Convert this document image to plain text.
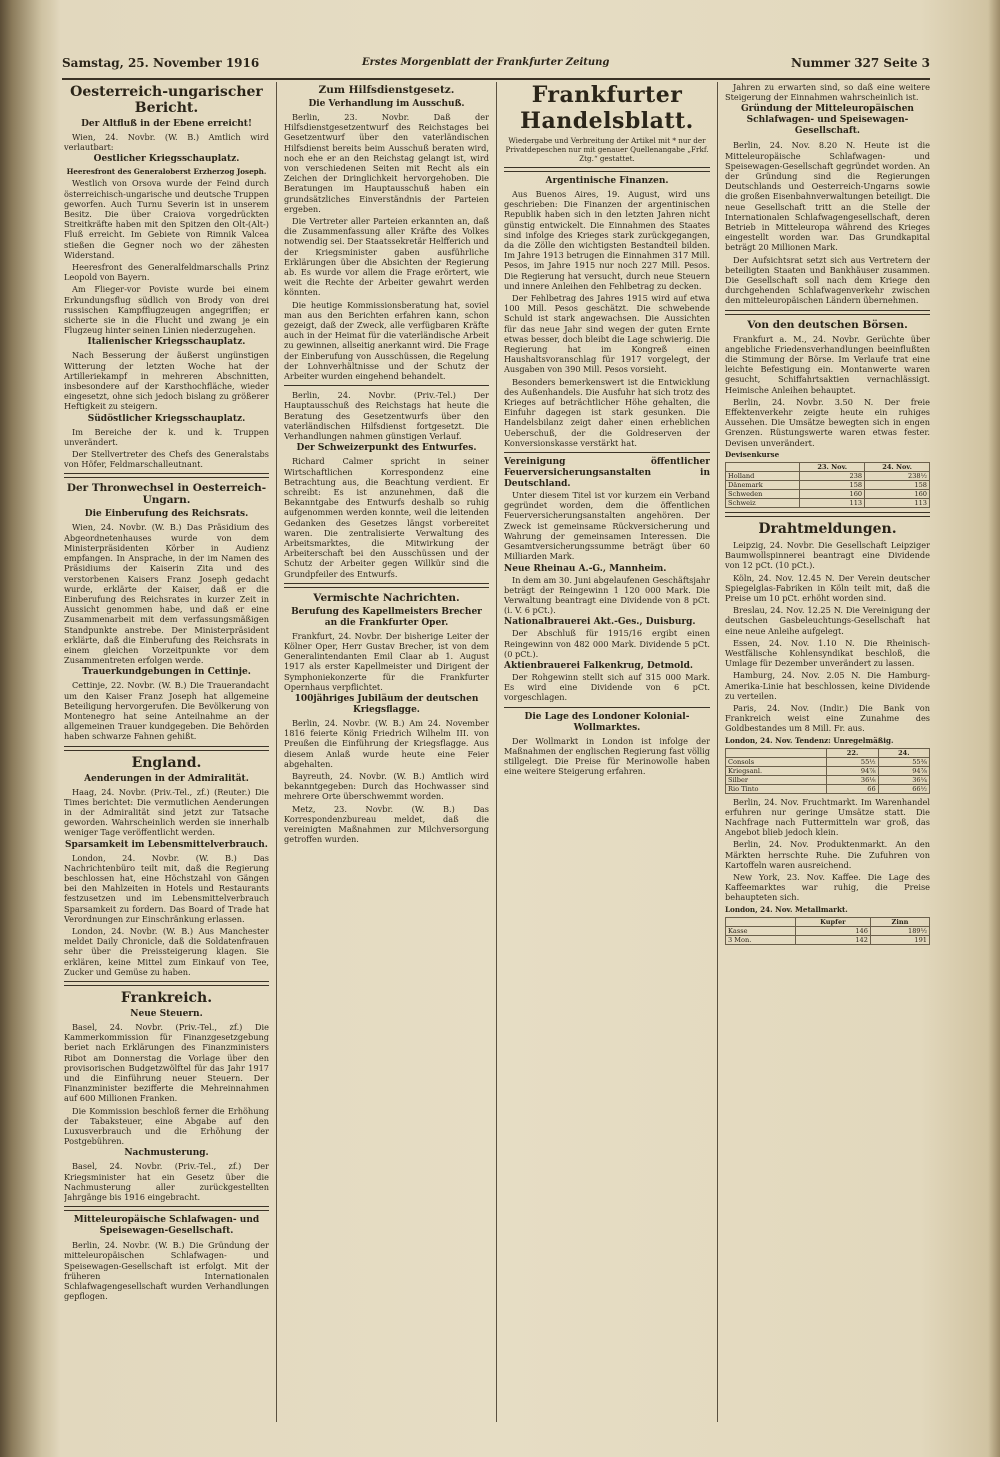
Samstag, 25. November 1916	Erstes Morgenblatt der Frankfurter Zeitung	Nummer 327 Seite 3
Oesterreich-ungarischer Bericht.
Der Altfluß in der Ebene erreicht!

Wien, 24. Novbr. (W. B.) Amtlich wird verlautbart:

Oestlicher Kriegsschauplatz.
Heeresfront des Generaloberst Erzherzog Joseph.

Westlich von Orsova wurde der Feind durch österreichisch-ungarische und deutsche Truppen geworfen. Auch Turnu Severin ist in unserem Besitz. Die über Craiova vorgedrückten Streitkräfte haben mit den Spitzen den Olt-(Alt-) Fluß erreicht. Im Gebiete von Rimnik Valcea stießen die Gegner noch wo der zähesten Widerstand.

Heeresfront des Generalfeldmarschalls Prinz Leopold von Bayern.

Am Flieger-vor Poviste wurde bei einem Erkundungsflug südlich von Brody von drei russischen Kampfflugzeugen angegriffen; er sicherte sie in die Flucht und zwang je ein Flugzeug hinter seinen Linien niederzugehen.

Italienischer Kriegsschauplatz.

Nach Besserung der äußerst ungünstigen Witterung der letzten Woche hat der Artilleriekampf in mehreren Abschnitten, insbesondere auf der Karsthochfläche, wieder eingesetzt, ohne sich jedoch bislang zu größerer Heftigkeit zu steigern.

Südöstlicher Kriegsschauplatz.

Im Bereiche der k. und k. Truppen unverändert.

Der Stellvertreter des Chefs des Generalstabs von Höfer, Feldmarschalleutnant.

Der Thronwechsel in Oesterreich-Ungarn.
Die Einberufung des Reichsrats.

Wien, 24. Novbr. (W. B.) Das Präsidium des Abgeordnetenhauses wurde von dem Ministerpräsidenten Körber in Audienz empfangen. In Ansprache, in der im Namen des Präsidiums der Kaiserin Zita und des verstorbenen Kaisers Franz Joseph gedacht wurde, erklärte der Kaiser, daß er die Einberufung des Reichsrates in kurzer Zeit in Aussicht genommen habe, und daß er eine Zusammenarbeit mit dem verfassungsmäßigen Standpunkte anstrebe. Der Ministerpräsident erklärte, daß die Einberufung des Reichsrats in einem gleichen Vorzeitpunkte vor dem Zusammentreten erfolgen werde.

Trauerkundgebungen in Cettinje.

Cettinje, 22. Novbr. (W. B.) Die Trauerandacht um den Kaiser Franz Joseph hat allgemeine Beteiligung hervorgerufen. Die Bevölkerung von Montenegro hat seine Anteilnahme an der allgemeinen Trauer kundgegeben. Die Behörden haben schwarze Fahnen gehißt.

England.
Aenderungen in der Admiralität.

Haag, 24. Novbr. (Priv.-Tel., zf.) (Reuter.) Die Times berichtet: Die vermutlichen Aenderungen in der Admiralität sind jetzt zur Tatsache geworden. Wahrscheinlich werden sie innerhalb weniger Tage veröffentlicht werden.

Sparsamkeit im Lebensmittelverbrauch.

London, 24. Novbr. (W. B.) Das Nachrichtenbüro teilt mit, daß die Regierung beschlossen hat, eine Höchstzahl von Gängen bei den Mahlzeiten in Hotels und Restaurants festzusetzen und im Lebensmittelverbrauch Sparsamkeit zu fordern. Das Board of Trade hat Verordnungen zur Einschränkung erlassen.

London, 24. Novbr. (W. B.) Aus Manchester meldet Daily Chronicle, daß die Soldatenfrauen sehr über die Preissteigerung klagen. Sie erklären, keine Mittel zum Einkauf von Tee, Zucker und Gemüse zu haben.

Frankreich.
Neue Steuern.

Basel, 24. Novbr. (Priv.-Tel., zf.) Die Kammerkommission für Finanzgesetzgebung beriet nach Erklärungen des Finanzministers Ribot am Donnerstag die Vorlage über den provisorischen Budgetzwölftel für das Jahr 1917 und die Einführung neuer Steuern. Der Finanzminister bezifferte die Mehreinnahmen auf 600 Millionen Franken.

Die Kommission beschloß ferner die Erhöhung der Tabaksteuer, eine Abgabe auf den Luxusverbrauch und die Erhöhung der Postgebühren.

Nachmusterung.

Basel, 24. Novbr. (Priv.-Tel., zf.) Der Kriegsminister hat ein Gesetz über die Nachmusterung aller zurückgestellten Jahrgänge bis 1916 eingebracht.

Mitteleuropäische Schlafwagen- und Speisewagen-Gesellschaft.

Berlin, 24. Novbr. (W. B.) Die Gründung der mitteleuropäischen Schlafwagen- und Speisewagen-Gesellschaft ist erfolgt. Mit der früheren Internationalen Schlafwagengesellschaft wurden Verhandlungen gepflogen.

Zum Hilfsdienstgesetz.
Die Verhandlung im Ausschuß.

Berlin, 23. Novbr. Daß der Hilfsdienstgesetzentwurf des Reichstages bei Gesetzentwurf über den vaterländischen Hilfsdienst bereits beim Ausschuß beraten wird, noch ehe er an den Reichstag gelangt ist, wird von verschiedenen Seiten mit Recht als ein Zeichen der Dringlichkeit hervorgehoben. Die Beratungen im Hauptausschuß haben ein grundsätzliches Einverständnis der Parteien ergeben.

Die Vertreter aller Parteien erkannten an, daß die Zusammenfassung aller Kräfte des Volkes notwendig sei. Der Staatssekretär Helfferich und der Kriegsminister gaben ausführliche Erklärungen über die Absichten der Regierung ab. Es wurde vor allem die Frage erörtert, wie weit die Rechte der Arbeiter gewahrt werden könnten.

Die heutige Kommissionsberatung hat, soviel man aus den Berichten erfahren kann, schon gezeigt, daß der Zweck, alle verfügbaren Kräfte auch in der Heimat für die vaterländische Arbeit zu gewinnen, allseitig anerkannt wird. Die Frage der Einberufung von Ausschüssen, die Regelung der Lohnverhältnisse und der Schutz der Arbeiter wurden eingehend behandelt.

Berlin, 24. Novbr. (Priv.-Tel.) Der Hauptausschuß des Reichstags hat heute die Beratung des Gesetzentwurfs über den vaterländischen Hilfsdienst fortgesetzt. Die Verhandlungen nahmen günstigen Verlauf.

Der Schweizerpunkt des Entwurfes.

Richard Calmer spricht in seiner Wirtschaftlichen Korrespondenz eine Betrachtung aus, die Beachtung verdient. Er schreibt: Es ist anzunehmen, daß die Bekanntgabe des Entwurfs deshalb so ruhig aufgenommen werden konnte, weil die leitenden Gedanken des Gesetzes längst vorbereitet waren. Die zentralisierte Verwaltung des Arbeitsmarktes, die Mitwirkung der Arbeiterschaft bei den Ausschüssen und der Schutz der Arbeiter gegen Willkür sind die Grundpfeiler des Entwurfs.

Vermischte Nachrichten.
Berufung des Kapellmeisters Brecher an die Frankfurter Oper.

Frankfurt, 24. Novbr. Der bisherige Leiter der Kölner Oper, Herr Gustav Brecher, ist von dem Generalintendanten Emil Claar ab 1. August 1917 als erster Kapellmeister und Dirigent der Symphoniekonzerte für die Frankfurter Opernhaus verpflichtet.

100jähriges Jubiläum der deutschen Kriegsflagge.

Berlin, 24. Novbr. (W. B.) Am 24. November 1816 feierte König Friedrich Wilhelm III. von Preußen die Einführung der Kriegsflagge. Aus diesem Anlaß wurde heute eine Feier abgehalten.

Bayreuth, 24. Novbr. (W. B.) Amtlich wird bekanntgegeben: Durch das Hochwasser sind mehrere Orte überschwemmt worden.

Metz, 23. Novbr. (W. B.) Das Korrespondenzbureau meldet, daß die vereinigten Maßnahmen zur Milchversorgung getroffen wurden.

Frankfurter Handelsblatt.
Wiedergabe und Verbreitung der Artikel mit * nur der Privatdepeschen nur mit genauer Quellenangabe „Frkf. Ztg.“ gestattet.
Argentinische Finanzen.

Aus Buenos Aires, 19. August, wird uns geschrieben: Die Finanzen der argentinischen Republik haben sich in den letzten Jahren nicht günstig entwickelt. Die Einnahmen des Staates sind infolge des Krieges stark zurückgegangen, da die Zölle den wichtigsten Bestandteil bilden. Im Jahre 1913 betrugen die Einnahmen 317 Mill. Pesos, im Jahre 1915 nur noch 227 Mill. Pesos. Die Regierung hat versucht, durch neue Steuern und innere Anleihen den Fehlbetrag zu decken.

Der Fehlbetrag des Jahres 1915 wird auf etwa 100 Mill. Pesos geschätzt. Die schwebende Schuld ist stark angewachsen. Die Aussichten für das neue Jahr sind wegen der guten Ernte etwas besser, doch bleibt die Lage schwierig. Die Regierung hat im Kongreß einen Haushaltsvoranschlag für 1917 vorgelegt, der Ausgaben von 390 Mill. Pesos vorsieht.

Besonders bemerkenswert ist die Entwicklung des Außenhandels. Die Ausfuhr hat sich trotz des Krieges auf beträchtlicher Höhe gehalten, die Einfuhr dagegen ist stark gesunken. Die Handelsbilanz zeigt daher einen erheblichen Ueberschuß, der die Goldreserven der Konversionskasse verstärkt hat.

Vereinigung öffentlicher Feuerversicherungsanstalten in Deutschland.

Unter diesem Titel ist vor kurzem ein Verband gegründet worden, dem die öffentlichen Feuerversicherungsanstalten angehören. Der Zweck ist gemeinsame Rückversicherung und Wahrung der gemeinsamen Interessen. Die Gesamtversicherungssumme beträgt über 60 Milliarden Mark.

Neue Rheinau A.-G., Mannheim.

In dem am 30. Juni abgelaufenen Geschäftsjahr beträgt der Reingewinn 1 120 000 Mark. Die Verwaltung beantragt eine Dividende von 8 pCt. (i. V. 6 pCt.).

Nationalbrauerei Akt.-Ges., Duisburg.

Der Abschluß für 1915/16 ergibt einen Reingewinn von 482 000 Mark. Dividende 5 pCt. (0 pCt.).

Aktienbrauerei Falkenkrug, Detmold.

Der Rohgewinn stellt sich auf 315 000 Mark. Es wird eine Dividende von 6 pCt. vorgeschlagen.

Die Lage des Londoner Kolonial-Wollmarktes.

Der Wollmarkt in London ist infolge der Maßnahmen der englischen Regierung fast völlig stillgelegt. Die Preise für Merinowolle haben eine weitere Steigerung erfahren.

Jahren zu erwarten sind, so daß eine weitere Steigerung der Einnahmen wahrscheinlich ist.

Gründung der Mitteleuropäischen Schlafwagen- und Speisewagen-Gesellschaft.

Berlin, 24. Nov. 8.20 N. Heute ist die Mitteleuropäische Schlafwagen- und Speisewagen-Gesellschaft gegründet worden. An der Gründung sind die Regierungen Deutschlands und Oesterreich-Ungarns sowie die großen Eisenbahnverwaltungen beteiligt. Die neue Gesellschaft tritt an die Stelle der Internationalen Schlafwagengesellschaft, deren Betrieb in Mitteleuropa während des Krieges eingestellt worden war. Das Grundkapital beträgt 20 Millionen Mark.

Der Aufsichtsrat setzt sich aus Vertretern der beteiligten Staaten und Bankhäuser zusammen. Die Gesellschaft soll nach dem Kriege den durchgehenden Schlafwagenverkehr zwischen den mitteleuropäischen Ländern übernehmen.

Von den deutschen Börsen.

Frankfurt a. M., 24. Novbr. Gerüchte über angebliche Friedensverhandlungen beeinflußten die Stimmung der Börse. Im Verlaufe trat eine leichte Befestigung ein. Montanwerte waren gesucht, Schiffahrtsaktien vernachlässigt. Heimische Anleihen behauptet.

Berlin, 24. Novbr. 3.50 N. Der freie Effektenverkehr zeigte heute ein ruhiges Aussehen. Die Umsätze bewegten sich in engen Grenzen. Rüstungswerte waren etwas fester. Devisen unverändert.

Devisenkurse
	23. Nov.	24. Nov.
Holland	238	238½
Dänemark	158	158
Schweden	160	160
Schweiz	113	113
Drahtmeldungen.

Leipzig, 24. Novbr. Die Gesellschaft Leipziger Baumwollspinnerei beantragt eine Dividende von 12 pCt. (10 pCt.).

Köln, 24. Nov. 12.45 N. Der Verein deutscher Spiegelglas-Fabriken in Köln teilt mit, daß die Preise um 10 pCt. erhöht worden sind.

Breslau, 24. Nov. 12.25 N. Die Vereinigung der deutschen Gasbeleuchtungs-Gesellschaft hat eine neue Anleihe aufgelegt.

Essen, 24. Nov. 1.10 N. Die Rheinisch-Westfälische Kohlensyndikat beschloß, die Umlage für Dezember unverändert zu lassen.

Hamburg, 24. Nov. 2.05 N. Die Hamburg-Amerika-Linie hat beschlossen, keine Dividende zu verteilen.

Paris, 24. Nov. (Indir.) Die Bank von Frankreich weist eine Zunahme des Goldbestandes um 8 Mill. Fr. aus.

London, 24. Nov. Tendenz: Unregelmäßig.
	22.	24.
Consols	55½	55⅜
Kriegsanl.	94⅞	94⅞
Silber	36⅛	36¼
Rio Tinto	66	66½

Berlin, 24. Nov. Fruchtmarkt. Im Warenhandel erfuhren nur geringe Umsätze statt. Die Nachfrage nach Futtermitteln war groß, das Angebot blieb jedoch klein.

Berlin, 24. Nov. Produktenmarkt. An den Märkten herrschte Ruhe. Die Zufuhren von Kartoffeln waren ausreichend.

New York, 23. Nov. Kaffee. Die Lage des Kaffeemarktes war ruhig, die Preise behaupteten sich.

London, 24. Nov. Metallmarkt.
	Kupfer	Zinn
Kasse	146	189½
3 Mon.	142	191
